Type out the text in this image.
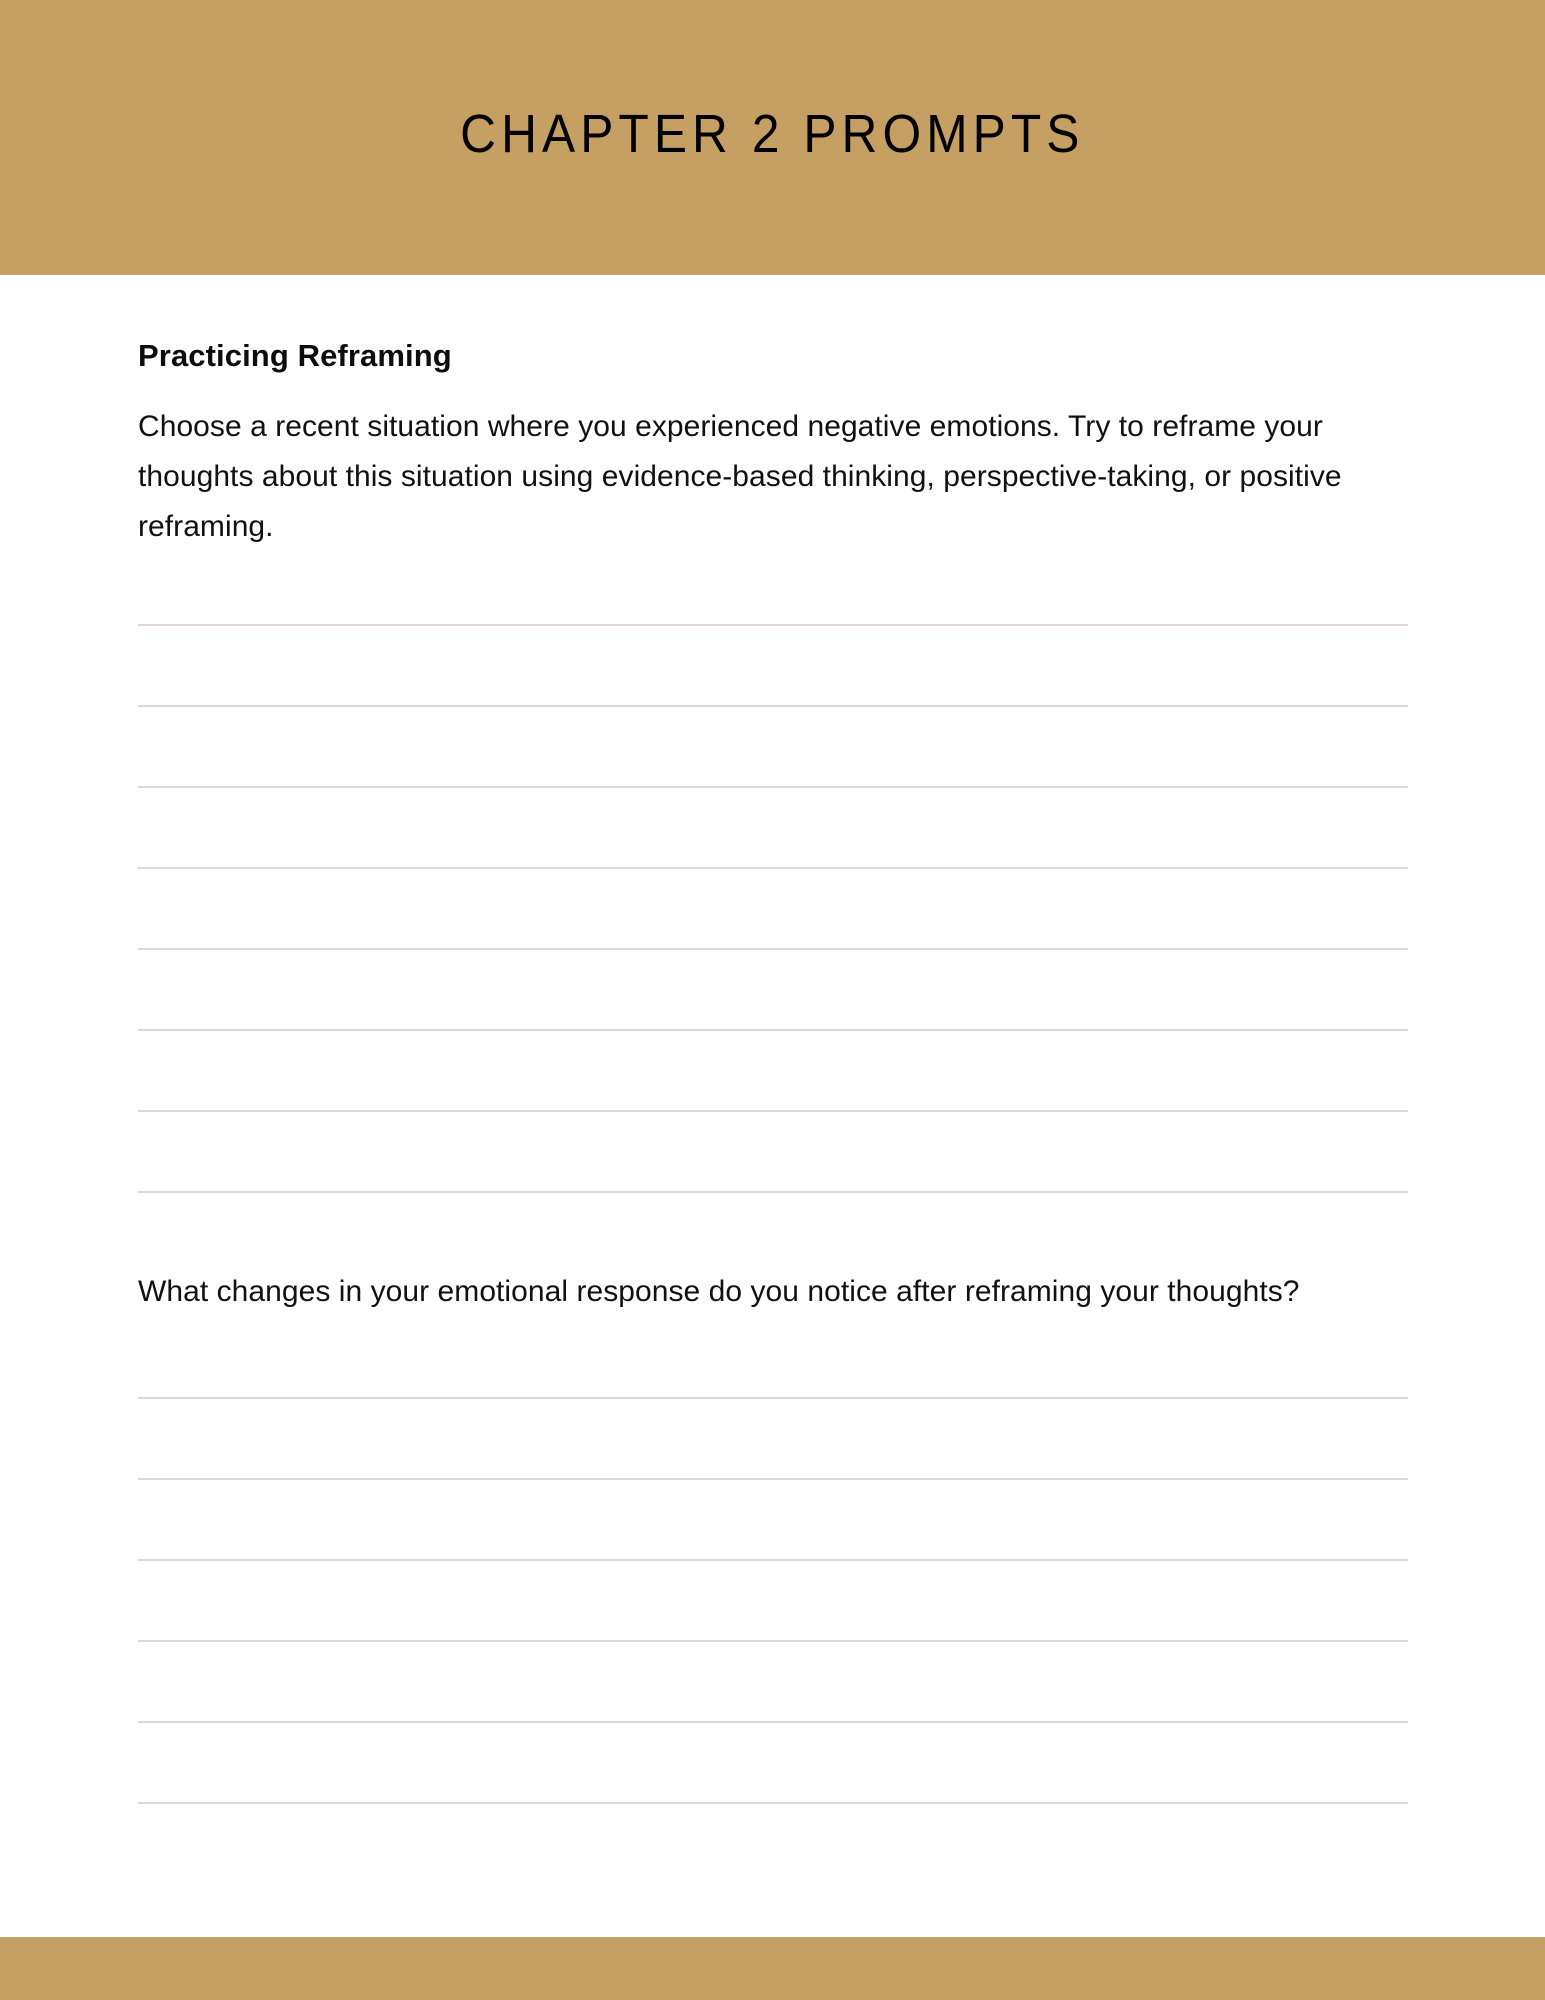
CHAPTER 2 PROMPTS
Practicing Reframing
Choose a recent situation where you experienced negative emotions. Try to reframe your thoughts about this situation using evidence-based thinking, perspective-taking, or positive reframing.
What changes in your emotional response do you notice after reframing your thoughts?
